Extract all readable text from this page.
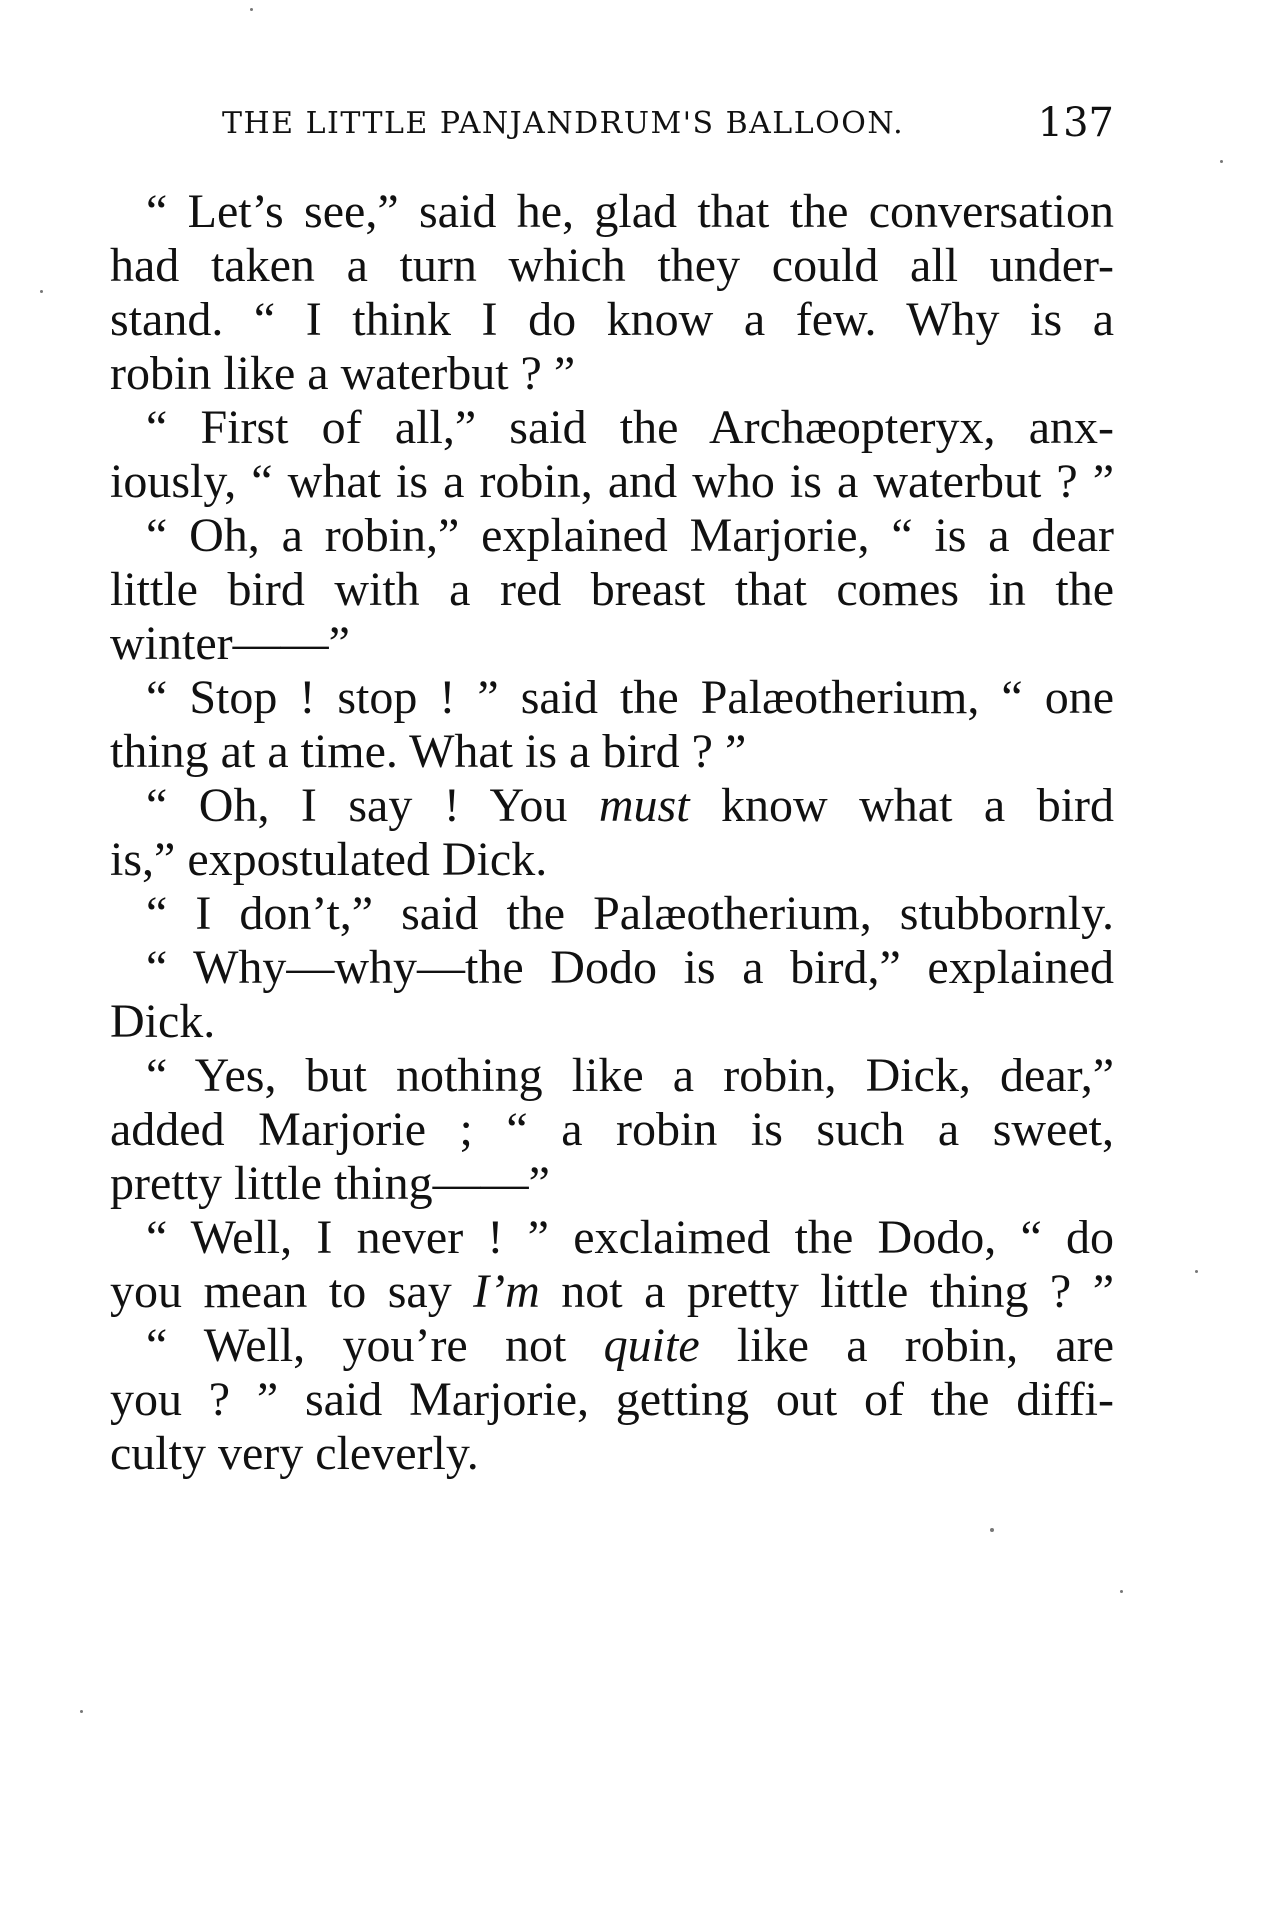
THE LITTLE PANJANDRUM'S BALLOON.	137
“ Let’s see,” said he, glad that the conversation
had taken a turn which they could all under-
stand. “ I think I do know a few. Why is a
robin like a waterbut ? ”
“ First of all,” said the Archæopteryx, anx-
iously, “ what is a robin, and who is a waterbut ? ”
“ Oh, a robin,” explained Marjorie, “ is a dear
little bird with a red breast that comes in the
winter——”
“ Stop ! stop ! ” said the Palæotherium, “ one
thing at a time. What is a bird ? ”
“ Oh, I say ! You must know what a bird
is,” expostulated Dick.
“ I don’t,” said the Palæotherium, stubbornly.
“ Why—why—the Dodo is a bird,” explained
Dick.
“ Yes, but nothing like a robin, Dick, dear,”
added Marjorie ; “ a robin is such a sweet,
pretty little thing——”
“ Well, I never ! ” exclaimed the Dodo, “ do
you mean to say I’m not a pretty little thing ? ”
“ Well, you’re not quite like a robin, are
you ? ” said Marjorie, getting out of the diffi-
culty very cleverly.
